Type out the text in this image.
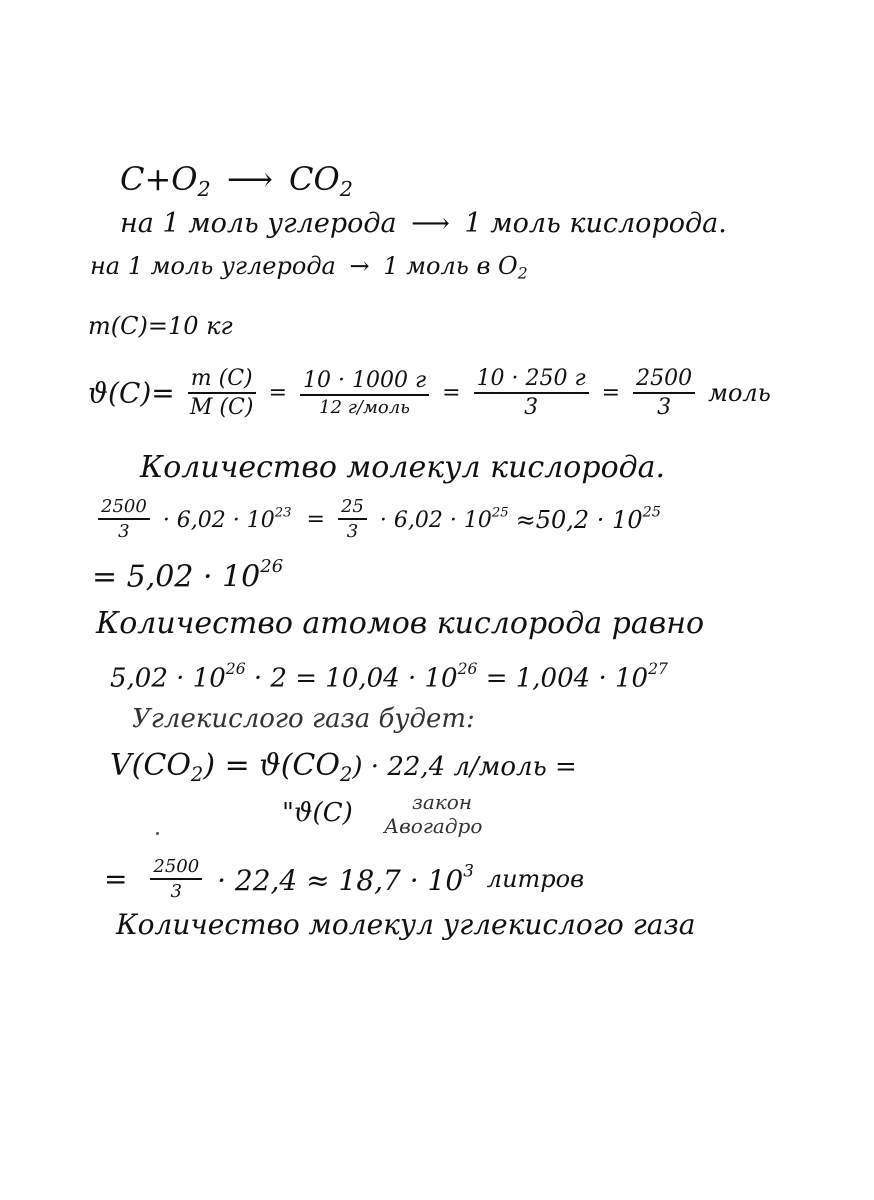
$C+O_2$ ⟶ $CO_2$
на 1 моль углерода ⟶ 1 моль кислорода.
на 1 моль углерода → 1 моль в $O_2$
m(C)=10 кг
$ϑ(C)= \frac{m (C)}{M (C)} = \frac{10 \cdot 1000 г}{\text{12 г/моль}} = \frac{10 \cdot 250 г}{3} = \frac{2500}{3}$ моль
Количество молекул кислорода.
$\frac{2500}{3} \cdot 6,02 \cdot 10^{23} = \frac{25}{3} \cdot 6,02 \cdot 10^{25} \approx 50,2 \cdot 10^{25}$
= $5,02 \cdot 10^{26}$
Количество атомов кислорода равно
$5,02 \cdot 10^{26} \cdot 2 = 10,04 \cdot 10^{26} = 1,004 \cdot 10^{27}$
Углекислого газа будет:
$V(CO_2) = ϑ(CO_2) \cdot 22,4$ л/моль =
"ϑ(C)	закон
Авогадро
= $\frac{2500}{3} \cdot 22,4 \approx 18,7 \cdot 10^3$ литров
Количество молекул углекислого газа
